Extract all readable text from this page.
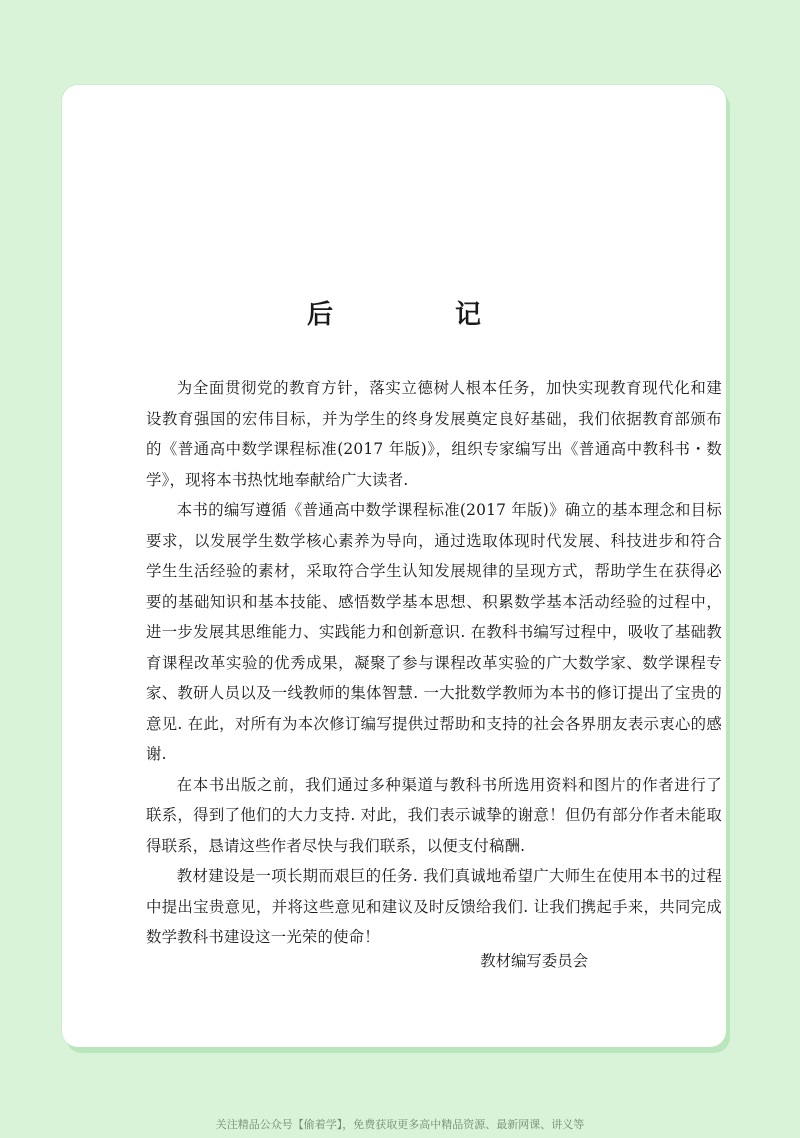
后　记

为全面贯彻党的教育方针，落实立德树人根本任务，加快实现教育现代化和建设教育强国的宏伟目标，并为学生的终身发展奠定良好基础，我们依据教育部颁布的《普通高中数学课程标准(2017 年版)》，组织专家编写出《普通高中教科书・数学》，现将本书热忱地奉献给广大读者.

本书的编写遵循《普通高中数学课程标准(2017 年版)》确立的基本理念和目标要求，以发展学生数学核心素养为导向，通过选取体现时代发展、科技进步和符合学生生活经验的素材，采取符合学生认知发展规律的呈现方式，帮助学生在获得必要的基础知识和基本技能、感悟数学基本思想、积累数学基本活动经验的过程中，进一步发展其思维能力、实践能力和创新意识. 在教科书编写过程中，吸收了基础教育课程改革实验的优秀成果，凝聚了参与课程改革实验的广大数学家、数学课程专家、教研人员以及一线教师的集体智慧. 一大批数学教师为本书的修订提出了宝贵的意见. 在此，对所有为本次修订编写提供过帮助和支持的社会各界朋友表示衷心的感谢.

在本书出版之前，我们通过多种渠道与教科书所选用资料和图片的作者进行了联系，得到了他们的大力支持. 对此，我们表示诚挚的谢意！但仍有部分作者未能取得联系，恳请这些作者尽快与我们联系，以便支付稿酬.

教材建设是一项长期而艰巨的任务. 我们真诚地希望广大师生在使用本书的过程中提出宝贵意见，并将这些意见和建议及时反馈给我们. 让我们携起手来，共同完成数学教科书建设这一光荣的使命！

教材编写委员会
关注精品公众号【偷着学】，免费获取更多高中精品资源、最新网课、讲义等
